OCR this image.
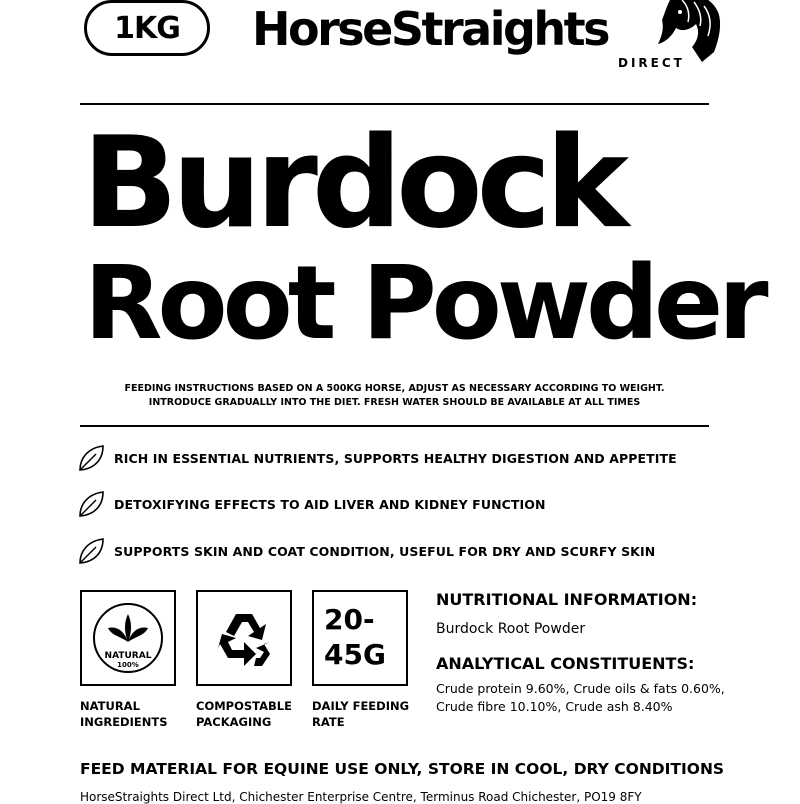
1KG	HorseStraights
DIRECT
Burdock
Root Powder
FEEDING INSTRUCTIONS BASED ON A 500KG HORSE, ADJUST AS NECESSARY ACCORDING TO WEIGHT.
INTRODUCE GRADUALLY INTO THE DIET. FRESH WATER SHOULD BE AVAILABLE AT ALL TIMES
RICH IN ESSENTIAL NUTRIENTS, SUPPORTS HEALTHY DIGESTION AND APPETITE
DETOXIFYING EFFECTS TO AID LIVER AND KIDNEY FUNCTION
SUPPORTS SKIN AND COAT CONDITION, USEFUL FOR DRY AND SCURFY SKIN
NATURAL
100%
20-
45G
NATURAL
INGREDIENTS
COMPOSTABLE
PACKAGING
DAILY FEEDING
RATE
NUTRITIONAL INFORMATION:
Burdock Root Powder
ANALYTICAL CONSTITUENTS:
Crude protein 9.60%, Crude oils & fats 0.60%, Crude fibre 10.10%, Crude ash 8.40%
FEED MATERIAL FOR EQUINE USE ONLY, STORE IN COOL, DRY CONDITIONS
HorseStraights Direct Ltd, Chichester Enterprise Centre, Terminus Road Chichester, PO19 8FY
